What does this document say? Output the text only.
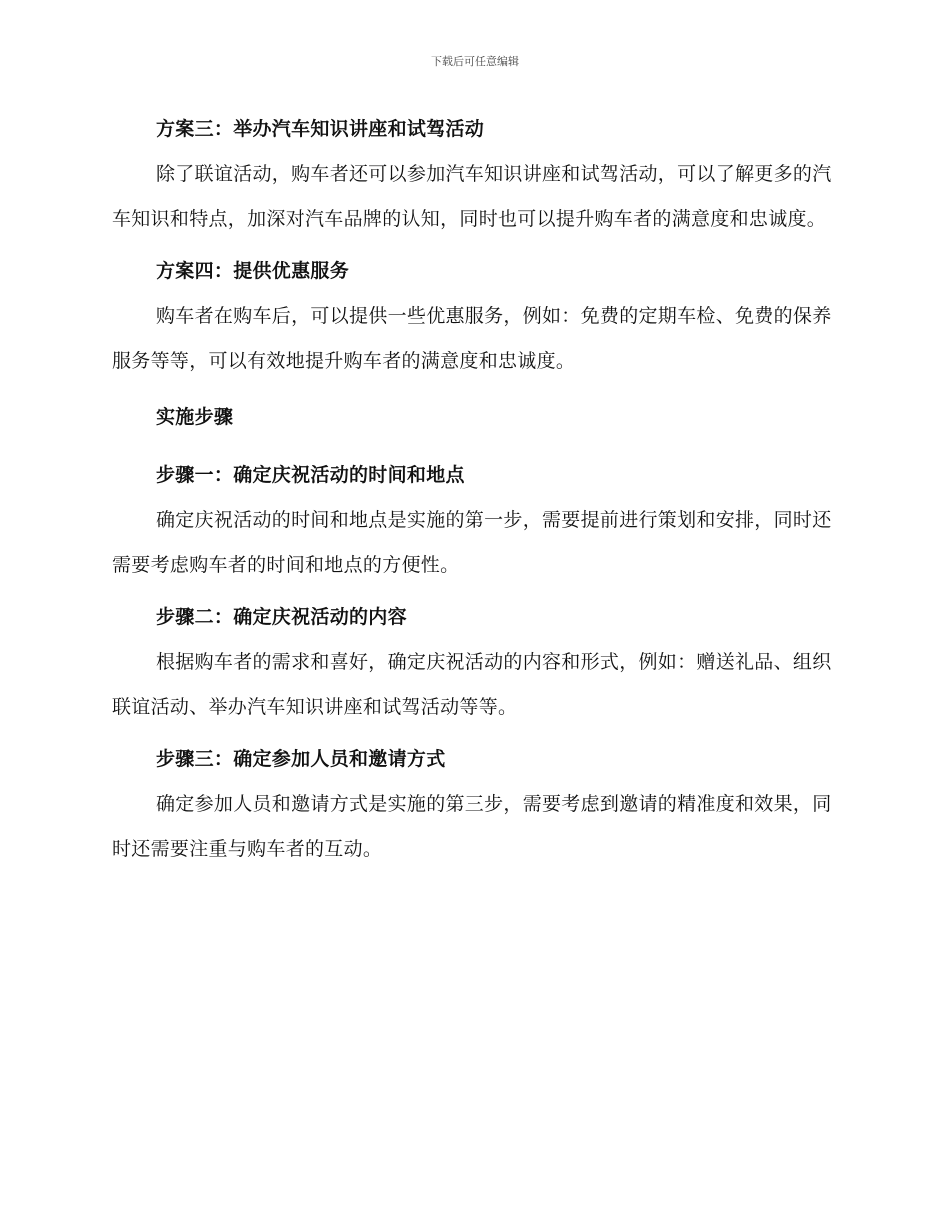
下载后可任意编辑

方案三：举办汽车知识讲座和试驾活动

除了联谊活动，购车者还可以参加汽车知识讲座和试驾活动，可以了解更多的汽车知识和特点，加深对汽车品牌的认知，同时也可以提升购车者的满意度和忠诚度。

方案四：提供优惠服务

购车者在购车后，可以提供一些优惠服务，例如：免费的定期车检、免费的保养服务等等，可以有效地提升购车者的满意度和忠诚度。

实施步骤

步骤一：确定庆祝活动的时间和地点

确定庆祝活动的时间和地点是实施的第一步，需要提前进行策划和安排，同时还需要考虑购车者的时间和地点的方便性。

步骤二：确定庆祝活动的内容

根据购车者的需求和喜好，确定庆祝活动的内容和形式，例如：赠送礼品、组织联谊活动、举办汽车知识讲座和试驾活动等等。

步骤三：确定参加人员和邀请方式

确定参加人员和邀请方式是实施的第三步，需要考虑到邀请的精准度和效果，同时还需要注重与购车者的互动。
